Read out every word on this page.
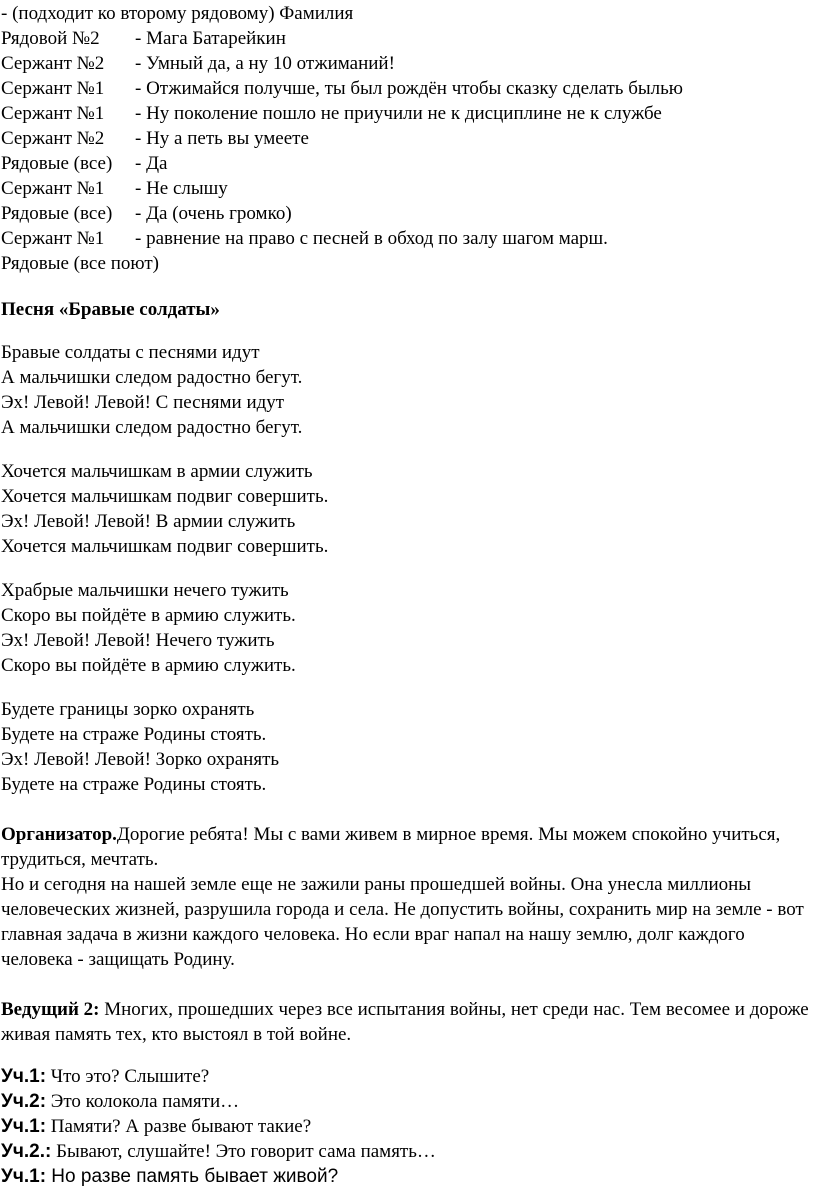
- (подходит ко второму рядовому) Фамилия
Рядовой №2 - Мага Батарейкин
Сержант №2 - Умный да, а ну 10 отжиманий!
Сержант №1 - Отжимайся получше, ты был рождён чтобы сказку сделать былью
Сержант №1 - Ну поколение пошло не приучили не к дисциплине не к службе
Сержант №2 - Ну а петь вы умеете
Рядовые (все) - Да
Сержант №1 - Не слышу
Рядовые (все) - Да (очень громко)
Сержант №1 - равнение на право с песней в обход по залу шагом марш.
Рядовые (все поют)
Песня «Бравые солдаты»
Бравые солдаты с песнями идут
А мальчишки следом радостно бегут.
Эх! Левой! Левой! С песнями идут
А мальчишки следом радостно бегут.
Хочется мальчишкам в армии служить
Хочется мальчишкам подвиг совершить.
Эх! Левой! Левой! В армии служить
Хочется мальчишкам подвиг совершить.
Храбрые мальчишки нечего тужить
Скоро вы пойдёте в армию служить.
Эх! Левой! Левой! Нечего тужить
Скоро вы пойдёте в армию служить.
Будете границы зорко охранять
Будете на страже Родины стоять.
Эх! Левой! Левой! Зорко охранять
Будете на страже Родины стоять.
Организатор.Дорогие ребята! Мы с вами живем в мирное время. Мы можем спокойно учиться, трудиться, мечтать.
Но и сегодня на нашей земле еще не зажили раны прошедшей войны. Она унесла миллионы человеческих жизней, разрушила города и села. Не допустить войны, сохранить мир на земле - вот главная задача в жизни каждого человека. Но если враг напал на нашу землю, долг каждого человека - защищать Родину.
Ведущий 2: Многих, прошедших через все испытания войны, нет среди нас. Тем весомее и дороже живая память тех, кто выстоял в той войне.
Уч.1: Что это? Слышите?
Уч.2: Это колокола памяти…
Уч.1: Памяти? А разве бывают такие?
Уч.2.: Бывают, слушайте! Это говорит сама память…
Уч.1: Но разве память бывает живой?
